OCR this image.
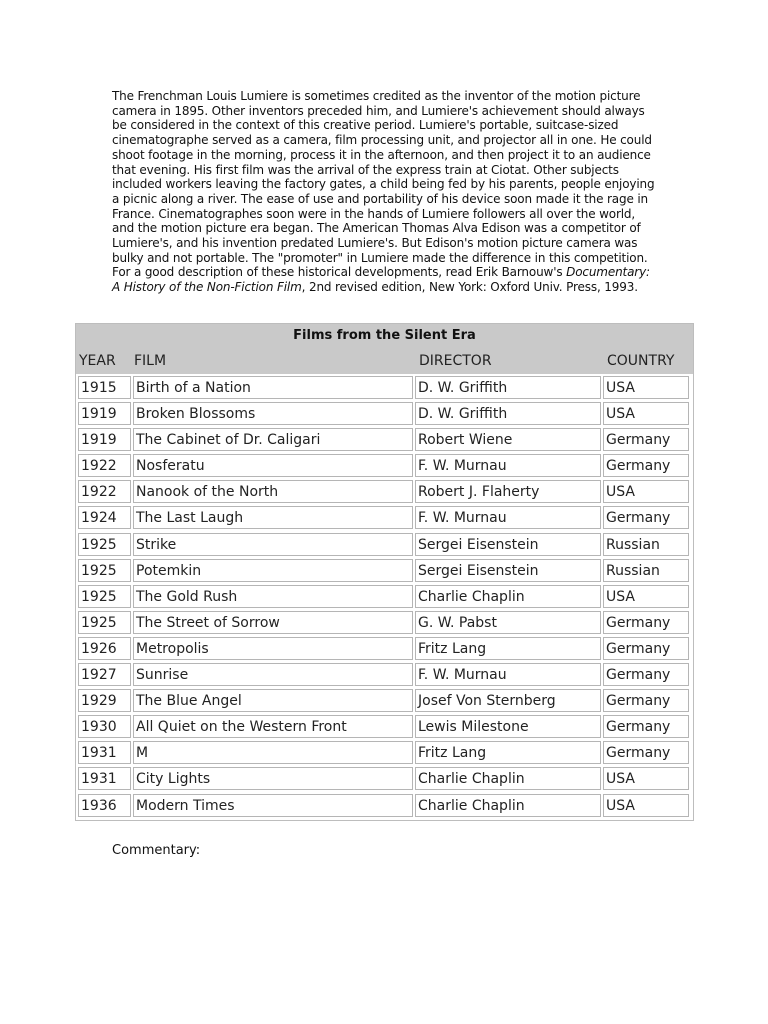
The Frenchman Louis Lumiere is sometimes credited as the inventor of the motion picture camera in 1895. Other inventors preceded him, and Lumiere's achievement should always be considered in the context of this creative period. Lumiere's portable, suitcase-sized cinematographe served as a camera, film processing unit, and projector all in one. He could shoot footage in the morning, process it in the afternoon, and then project it to an audience that evening. His first film was the arrival of the express train at Ciotat. Other subjects included workers leaving the factory gates, a child being fed by his parents, people enjoying a picnic along a river. The ease of use and portability of his device soon made it the rage in France. Cinematographes soon were in the hands of Lumiere followers all over the world, and the motion picture era began. The American Thomas Alva Edison was a competitor of Lumiere's, and his invention predated Lumiere's. But Edison's motion picture camera was bulky and not portable. The "promoter" in Lumiere made the difference in this competition. For a good description of these historical developments, read Erik Barnouw's Documentary: A History of the Non-Fiction Film, 2nd revised edition, New York: Oxford Univ. Press, 1993.

Films from the Silent Era
YEAR	FILM	DIRECTOR	COUNTRY
1915	Birth of a Nation	D. W. Griffith	USA
1919	Broken Blossoms	D. W. Griffith	USA
1919	The Cabinet of Dr. Caligari	Robert Wiene	Germany
1922	Nosferatu	F. W. Murnau	Germany
1922	Nanook of the North	Robert J. Flaherty	USA
1924	The Last Laugh	F. W. Murnau	Germany
1925	Strike	Sergei Eisenstein	Russian
1925	Potemkin	Sergei Eisenstein	Russian
1925	The Gold Rush	Charlie Chaplin	USA
1925	The Street of Sorrow	G. W. Pabst	Germany
1926	Metropolis	Fritz Lang	Germany
1927	Sunrise	F. W. Murnau	Germany
1929	The Blue Angel	Josef Von Sternberg	Germany
1930	All Quiet on the Western Front	Lewis Milestone	Germany
1931	M	Fritz Lang	Germany
1931	City Lights	Charlie Chaplin	USA
1936	Modern Times	Charlie Chaplin	USA
Commentary:
